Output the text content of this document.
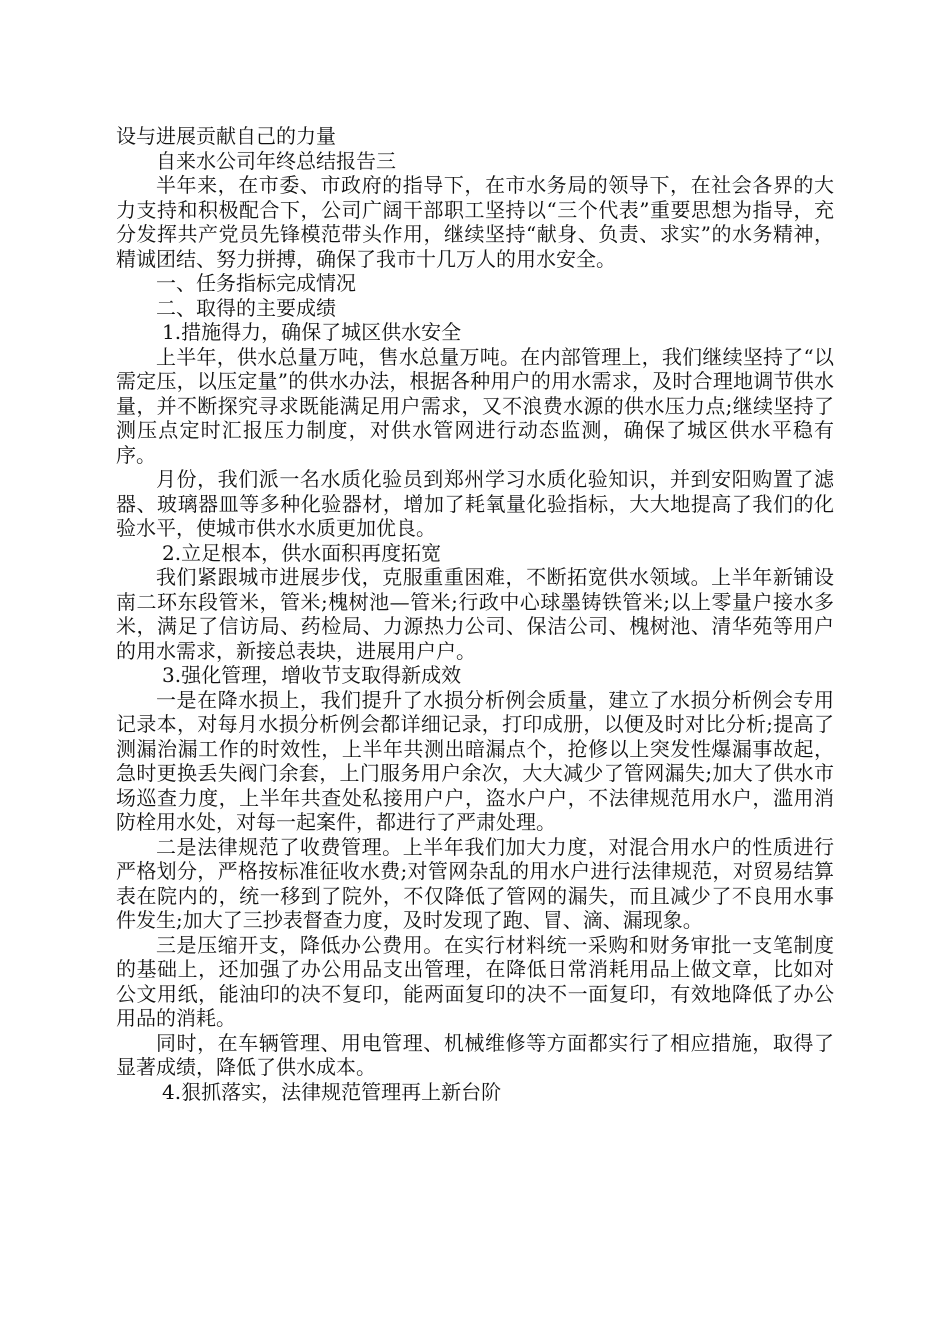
设与进展贡献自己的力量

自来水公司年终总结报告三

半年来，在市委、市政府的指导下，在市水务局的领导下，在社会各界的大力支持和积极配合下，公司广阔干部职工坚持以“三个代表”重要思想为指导，充分发挥共产党员先锋模范带头作用，继续坚持“献身、负责、求实”的水务精神，精诚团结、努力拼搏，确保了我市十几万人的用水安全。

一、任务指标完成情况

二、取得的主要成绩

1.措施得力，确保了城区供水安全

上半年，供水总量万吨，售水总量万吨。在内部管理上，我们继续坚持了“以需定压，以压定量”的供水办法，根据各种用户的用水需求，及时合理地调节供水量，并不断探究寻求既能满足用户需求，又不浪费水源的供水压力点;继续坚持了测压点定时汇报压力制度，对供水管网进行动态监测，确保了城区供水平稳有序。

月份，我们派一名水质化验员到郑州学习水质化验知识，并到安阳购置了滤器、玻璃器皿等多种化验器材，增加了耗氧量化验指标，大大地提高了我们的化验水平，使城市供水水质更加优良。

2.立足根本，供水面积再度拓宽

我们紧跟城市进展步伐，克服重重困难，不断拓宽供水领域。上半年新铺设南二环东段管米，管米;槐树池—管米;行政中心球墨铸铁管米;以上零量户接水多米，满足了信访局、药检局、力源热力公司、保洁公司、槐树池、清华苑等用户的用水需求，新接总表块，进展用户户。

3.强化管理，增收节支取得新成效

一是在降水损上，我们提升了水损分析例会质量，建立了水损分析例会专用记录本，对每月水损分析例会都详细记录，打印成册，以便及时对比分析;提高了测漏治漏工作的时效性，上半年共测出暗漏点个，抢修以上突发性爆漏事故起，急时更换丢失阀门余套，上门服务用户余次，大大减少了管网漏失;加大了供水市场巡查力度，上半年共查处私接用户户，盗水户户，不法律规范用水户，滥用消防栓用水处，对每一起案件，都进行了严肃处理。

二是法律规范了收费管理。上半年我们加大力度，对混合用水户的性质进行严格划分，严格按标准征收水费;对管网杂乱的用水户进行法律规范，对贸易结算表在院内的，统一移到了院外，不仅降低了管网的漏失，而且减少了不良用水事件发生;加大了三抄表督查力度，及时发现了跑、冒、滴、漏现象。

三是压缩开支，降低办公费用。在实行材料统一采购和财务审批一支笔制度的基础上，还加强了办公用品支出管理，在降低日常消耗用品上做文章，比如对公文用纸，能油印的决不复印，能两面复印的决不一面复印，有效地降低了办公用品的消耗。

同时，在车辆管理、用电管理、机械维修等方面都实行了相应措施，取得了显著成绩，降低了供水成本。

4.狠抓落实，法律规范管理再上新台阶
